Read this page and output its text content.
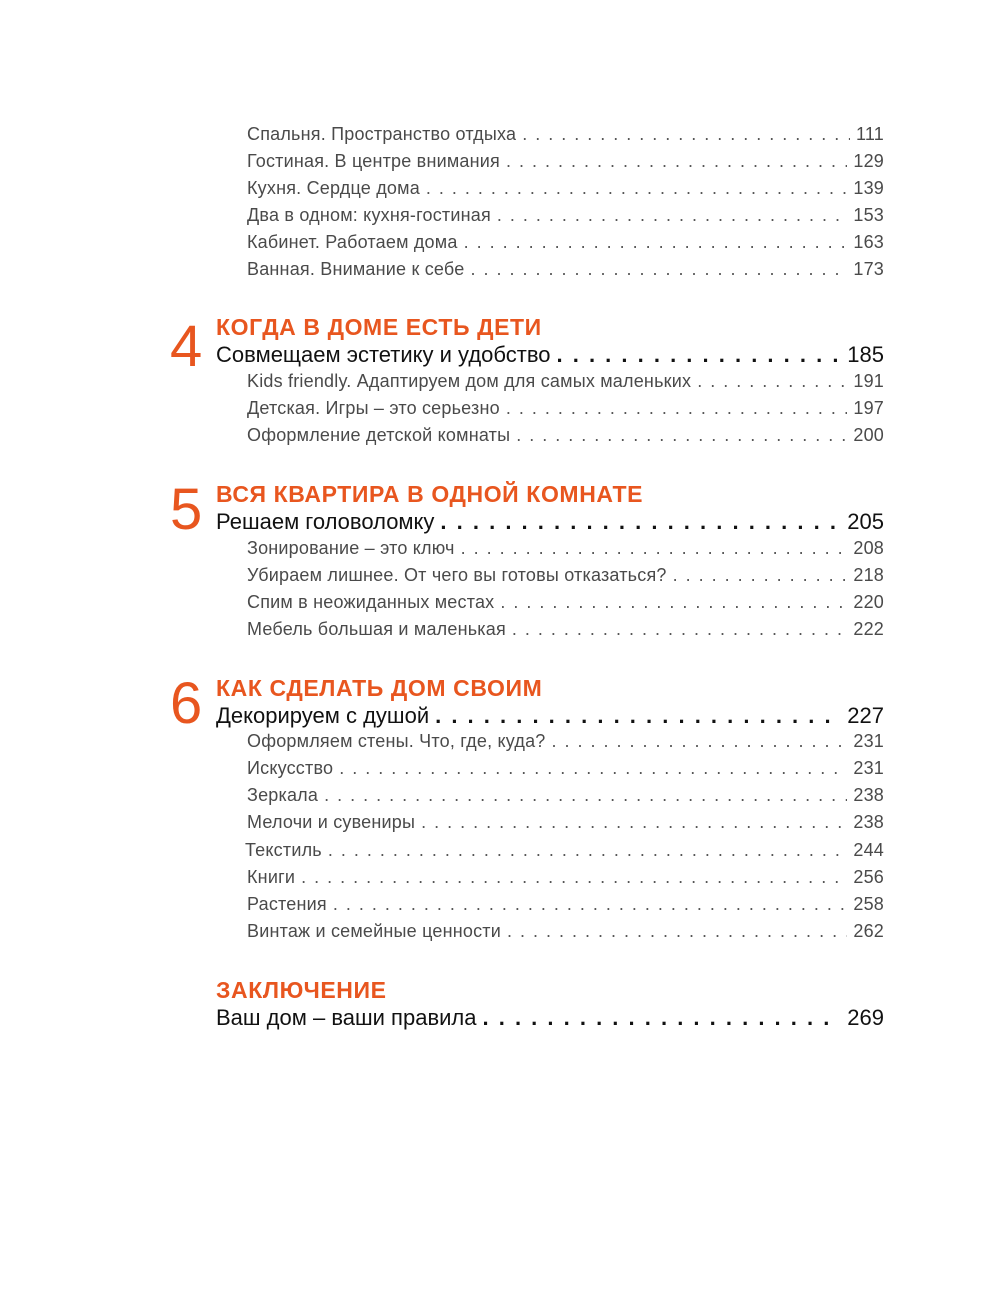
Спальня. Пространство отдыха . . .	111
Гостиная. В центре внимания . . .	129
Кухня. Сердце дома . . .	139
Два в одном: кухня-гостиная . . .	153
Кабинет. Работаем дома . . .	163
Ванная. Внимание к себе . . .	173
4 КОГДА В ДОМЕ ЕСТЬ ДЕТИ
Совмещаем эстетику и удобство . . .	185
Kids friendly. Адаптируем дом для самых маленьких . . .	191
Детская. Игры – это серьезно . . .	197
Оформление детской комнаты . . .	200
5 ВСЯ КВАРТИРА В ОДНОЙ КОМНАТЕ
Решаем головоломку . . .	205
Зонирование – это ключ . . .	208
Убираем лишнее. От чего вы готовы отказаться? . . .	218
Спим в неожиданных местах . . .	220
Мебель большая и маленькая . . .	222
6 КАК СДЕЛАТЬ ДОМ СВОИМ
Декорируем с душой . . .	227
Оформляем стены. Что, где, куда? . . .	231
Искусство . . .	231
Зеркала . . .	238
Мелочи и сувениры . . .	238
Текстиль . . .	244
Книги . . .	256
Растения . . .	258
Винтаж и семейные ценности . . .	262
ЗАКЛЮЧЕНИЕ
Ваш дом – ваши правила . . .	269
